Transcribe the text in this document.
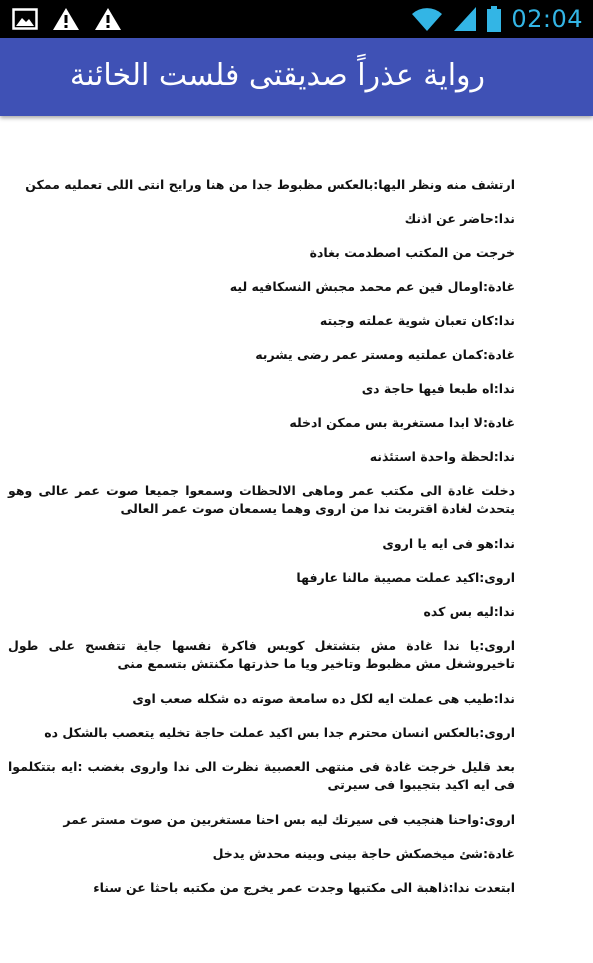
02:04
رواية عذراً صديقتى فلست الخائنة

ارتشف منه ونظر اليها:بالعكس مظبوط جدا من هنا ورايح انتى اللى تعمليه ممكن

ندا:حاضر عن اذنك

خرجت من المكتب اصطدمت بغادة

غادة:اومال فين عم محمد مجبش النسكافيه ليه

ندا:كان تعبان شوية عملته وجبته

غادة:كمان عملتيه ومستر عمر رضى يشربه

ندا:اه طبعا فيها حاجة دى

غادة:لا ابدا مستغربة بس ممكن ادخله

ندا:لحظة واحدة استئذنه

دخلت غادة الى مكتب عمر وماهى الالحظات وسمعوا جميعا صوت عمر عالى وهو يتحدث لغادة اقتربت ندا من اروى وهما يسمعان صوت عمر العالى

ندا:هو فى ايه يا اروى

اروى:اكيد عملت مصيبة مالنا عارفها

ندا:ليه بس كده

اروى:يا ندا غادة مش بتشتغل كويس فاكرة نفسها جاية تتفسح على طول تاخيروشغل مش مظبوط وتاخير ويا ما حذرتها مكنتش بتسمع منى

ندا:طيب هى عملت ايه لكل ده سامعة صوته ده شكله صعب اوى

اروى:بالعكس انسان محترم جدا بس اكيد عملت حاجة تخليه يتعصب بالشكل ده

بعد قليل خرجت غادة فى منتهى العصبية نظرت الى ندا واروى بغضب :ايه بتتكلموا فى ايه اكيد بتجيبوا فى سيرتى

اروى:واحنا هنجيب فى سيرتك ليه بس احنا مستغربين من صوت مستر عمر

غادة:شئ ميخصكش حاجة بينى وبينه محدش يدخل

ابتعدت ندا:ذاهبة الى مكتبها وجدت عمر يخرج من مكتبه باحثا عن سناء
